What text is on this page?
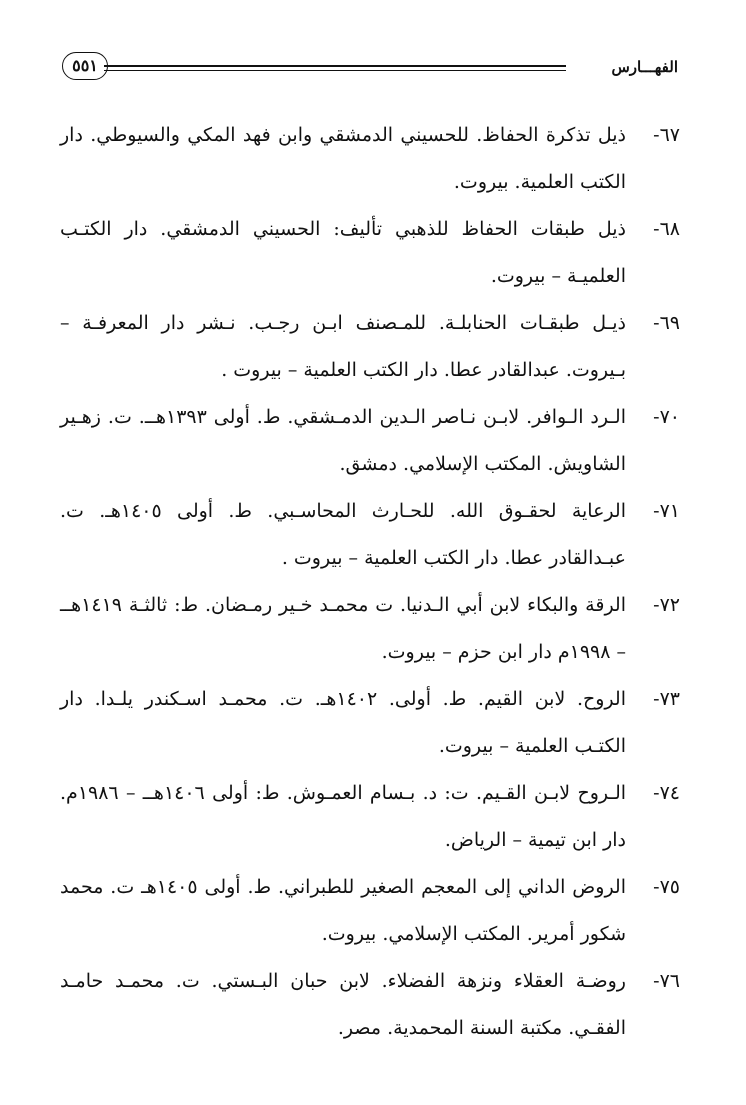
٥٥١	الفهـــارس
٦٧-
ذيل تذكرة الحفاظ. للحسيني الدمشقي وابن فهد المكي والسيوطي. دار الكتب العلمية. بيروت.
٦٨-
ذيل طبقات الحفاظ للذهبي تأليف: الحسيني الدمشقي. دار الكتـب العلميـة – بيروت.
٦٩-
ذيـل طبقـات الحنابلـة. للمـصنف ابـن رجـب. نـشر دار المعرفـة – بـيروت. عبدالقادر عطا. دار الكتب العلمية – بيروت .
٧٠-
الـرد الـوافر. لابـن نـاصر الـدين الدمـشقي. ط. أولى ١٣٩٣هــ. ت. زهـير الشاويش. المكتب الإسلامي. دمشق.
٧١-
الرعاية لحقـوق الله. للحـارث المحاسـبي. ط. أولى ١٤٠٥هـ. ت. عبـدالقادر عطا. دار الكتب العلمية – بيروت .
٧٢-
الرقة والبكاء لابن أبي الـدنيا. ت محمـد خـير رمـضان. ط: ثالثـة ١٤١٩هــ – ١٩٩٨م دار ابن حزم – بيروت.
٧٣-
الروح. لابن القيم. ط. أولى. ١٤٠٢هـ. ت. محمـد اسـكندر يلـدا. دار الكتـب العلمية – بيروت.
٧٤-
الـروح لابـن القـيم. ت: د. بـسام العمـوش. ط: أولى ١٤٠٦هــ – ١٩٨٦م. دار ابن تيمية – الرياض.
٧٥-
الروض الداني إلى المعجم الصغير للطبراني. ط. أولى ١٤٠٥هـ ت. محمد شكور أمرير. المكتب الإسلامي. بيروت.
٧٦-
روضـة العقلاء ونزهة الفضلاء. لابن حبان البـستي. ت. محمـد حامـد الفقـي. مكتبة السنة المحمدية. مصر.
